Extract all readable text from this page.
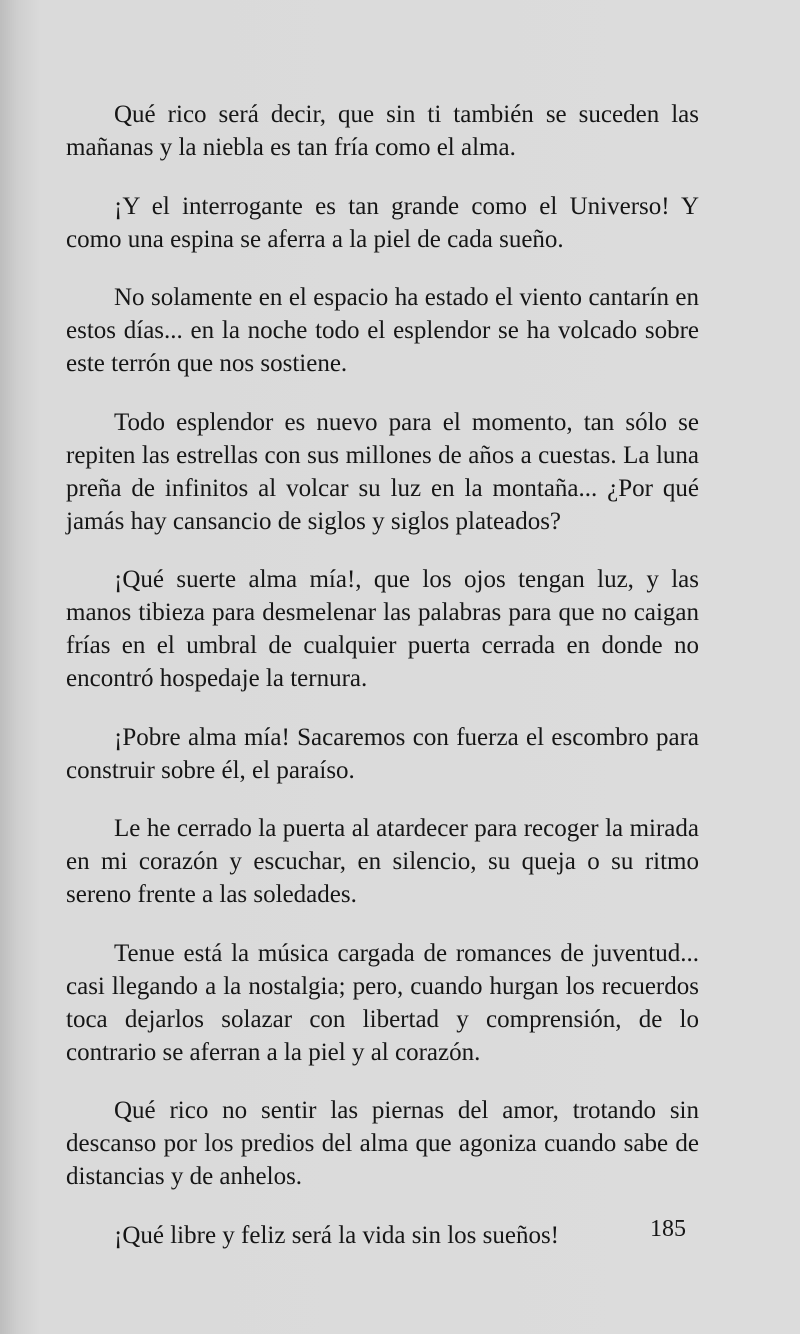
Qué rico será decir, que sin ti también se suceden las mañanas y la niebla es tan fría como el alma.

¡Y el interrogante es tan grande como el Universo! Y como una espina se aferra a la piel de cada sueño.

No solamente en el espacio ha estado el viento cantarín en estos días... en la noche todo el esplendor se ha volcado sobre este terrón que nos sostiene.

Todo esplendor es nuevo para el momento, tan sólo se repiten las estrellas con sus millones de años a cuestas. La luna preña de infinitos al volcar su luz en la montaña... ¿Por qué jamás hay cansancio de siglos y siglos plateados?

¡Qué suerte alma mía!, que los ojos tengan luz, y las manos tibieza para desmelenar las palabras para que no caigan frías en el umbral de cualquier puerta cerrada en donde no encontró hospedaje la ternura.

¡Pobre alma mía! Sacaremos con fuerza el escombro para construir sobre él, el paraíso.

Le he cerrado la puerta al atardecer para recoger la mirada en mi corazón y escuchar, en silencio, su queja o su ritmo sereno frente a las soledades.

Tenue está la música cargada de romances de juventud... casi llegando a la nostalgia; pero, cuando hurgan los recuerdos toca dejarlos solazar con libertad y comprensión, de lo contrario se aferran a la piel y al corazón.

Qué rico no sentir las piernas del amor, trotando sin descanso por los predios del alma que agoniza cuando sabe de distancias y de anhelos.

¡Qué libre y feliz será la vida sin los sueños!	185
